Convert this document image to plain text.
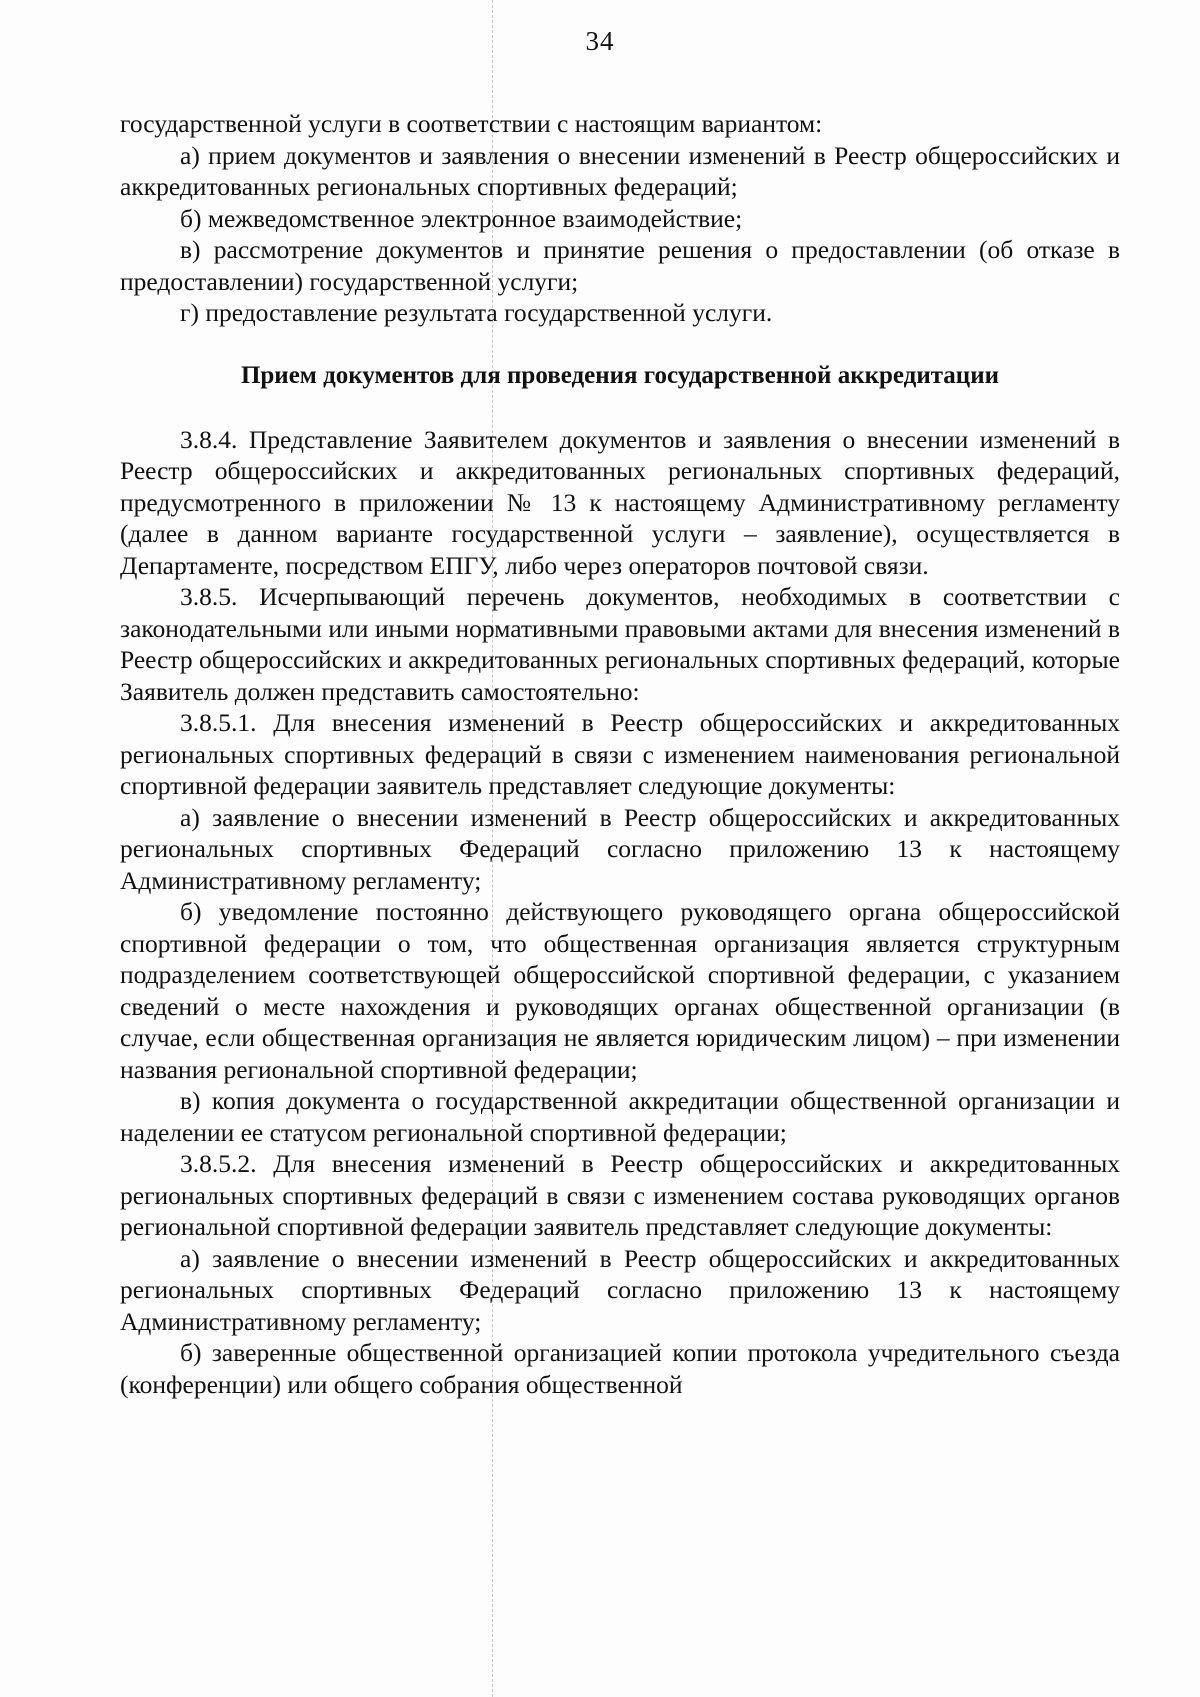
34

государственной услуги в соответствии с настоящим вариантом:

а) прием документов и заявления о внесении изменений в Реестр общероссийских и аккредитованных региональных спортивных федераций;

б) межведомственное электронное взаимодействие;

в) рассмотрение документов и принятие решения о предоставлении (об отказе в предоставлении) государственной услуги;

г) предоставление результата государственной услуги.

Прием документов для проведения государственной аккредитации

3.8.4. Представление Заявителем документов и заявления о внесении изменений в Реестр общероссийских и аккредитованных региональных спортивных федераций, предусмотренного в приложении № 13 к настоящему Административному регламенту (далее в данном варианте государственной услуги – заявление), осуществляется в Департаменте, посредством ЕПГУ, либо через операторов почтовой связи.

3.8.5. Исчерпывающий перечень документов, необходимых в соответствии с законодательными или иными нормативными правовыми актами для внесения изменений в Реестр общероссийских и аккредитованных региональных спортивных федераций, которые Заявитель должен представить самостоятельно:

3.8.5.1. Для внесения изменений в Реестр общероссийских и аккредитованных региональных спортивных федераций в связи с изменением наименования региональной спортивной федерации заявитель представляет следующие документы:

а) заявление о внесении изменений в Реестр общероссийских и аккредитованных региональных спортивных Федераций согласно приложению 13 к настоящему Административному регламенту;

б) уведомление постоянно действующего руководящего органа общероссийской спортивной федерации о том, что общественная организация является структурным подразделением соответствующей общероссийской спортивной федерации, с указанием сведений о месте нахождения и руководящих органах общественной организации (в случае, если общественная организация не является юридическим лицом) – при изменении названия региональной спортивной федерации;

в) копия документа о государственной аккредитации общественной организации и наделении ее статусом региональной спортивной федерации;

3.8.5.2. Для внесения изменений в Реестр общероссийских и аккредитованных региональных спортивных федераций в связи с изменением состава руководящих органов региональной спортивной федерации заявитель представляет следующие документы:

а) заявление о внесении изменений в Реестр общероссийских и аккредитованных региональных спортивных Федераций согласно приложению 13 к настоящему Административному регламенту;

б) заверенные общественной организацией копии протокола учредительного съезда (конференции) или общего собрания общественной
